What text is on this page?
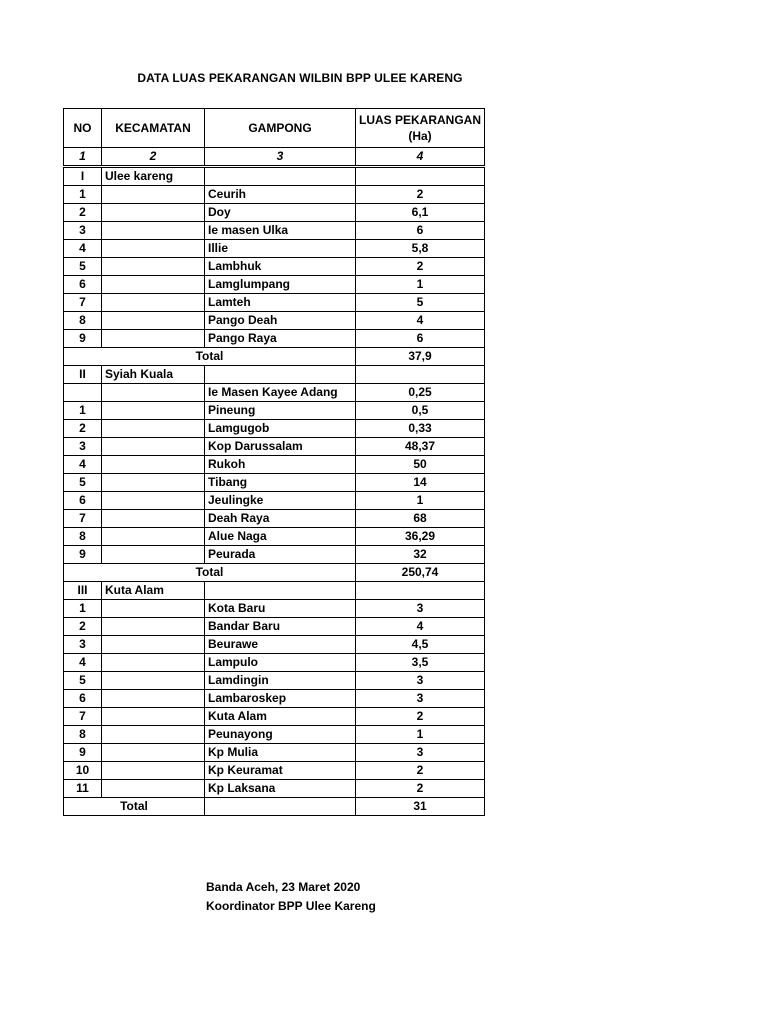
DATA LUAS PEKARANGAN WILBIN BPP ULEE KARENG
NO	KECAMATAN	GAMPONG	LUAS PEKARANGAN
(Ha)

1	2	3	4
I	Ulee kareng		
1		Ceurih	2
2		Doy	6,1
3		Ie masen Ulka	6
4		Illie	5,8
5		Lambhuk	2
6		Lamglumpang	1
7		Lamteh	5
8		Pango Deah	4
9		Pango Raya	6
Total			37,9
II	Syiah Kuala		
		Ie Masen Kayee Adang	0,25
1		Pineung	0,5
2		Lamgugob	0,33
3		Kop Darussalam	48,37
4		Rukoh	50
5		Tibang	14
6		Jeulingke	1
7		Deah Raya	68
8		Alue Naga	36,29
9		Peurada	32
Total			250,74
III	Kuta Alam		
1		Kota Baru	3
2		Bandar Baru	4
3		Beurawe	4,5
4		Lampulo	3,5
5		Lamdingin	3
6		Lambaroskep	3
7		Kuta Alam	2
8		Peunayong	1
9		Kp Mulia	3
10		Kp Keuramat	2
11		Kp Laksana	2
Total			31
Banda Aceh, 23 Maret 2020
Koordinator BPP Ulee Kareng
